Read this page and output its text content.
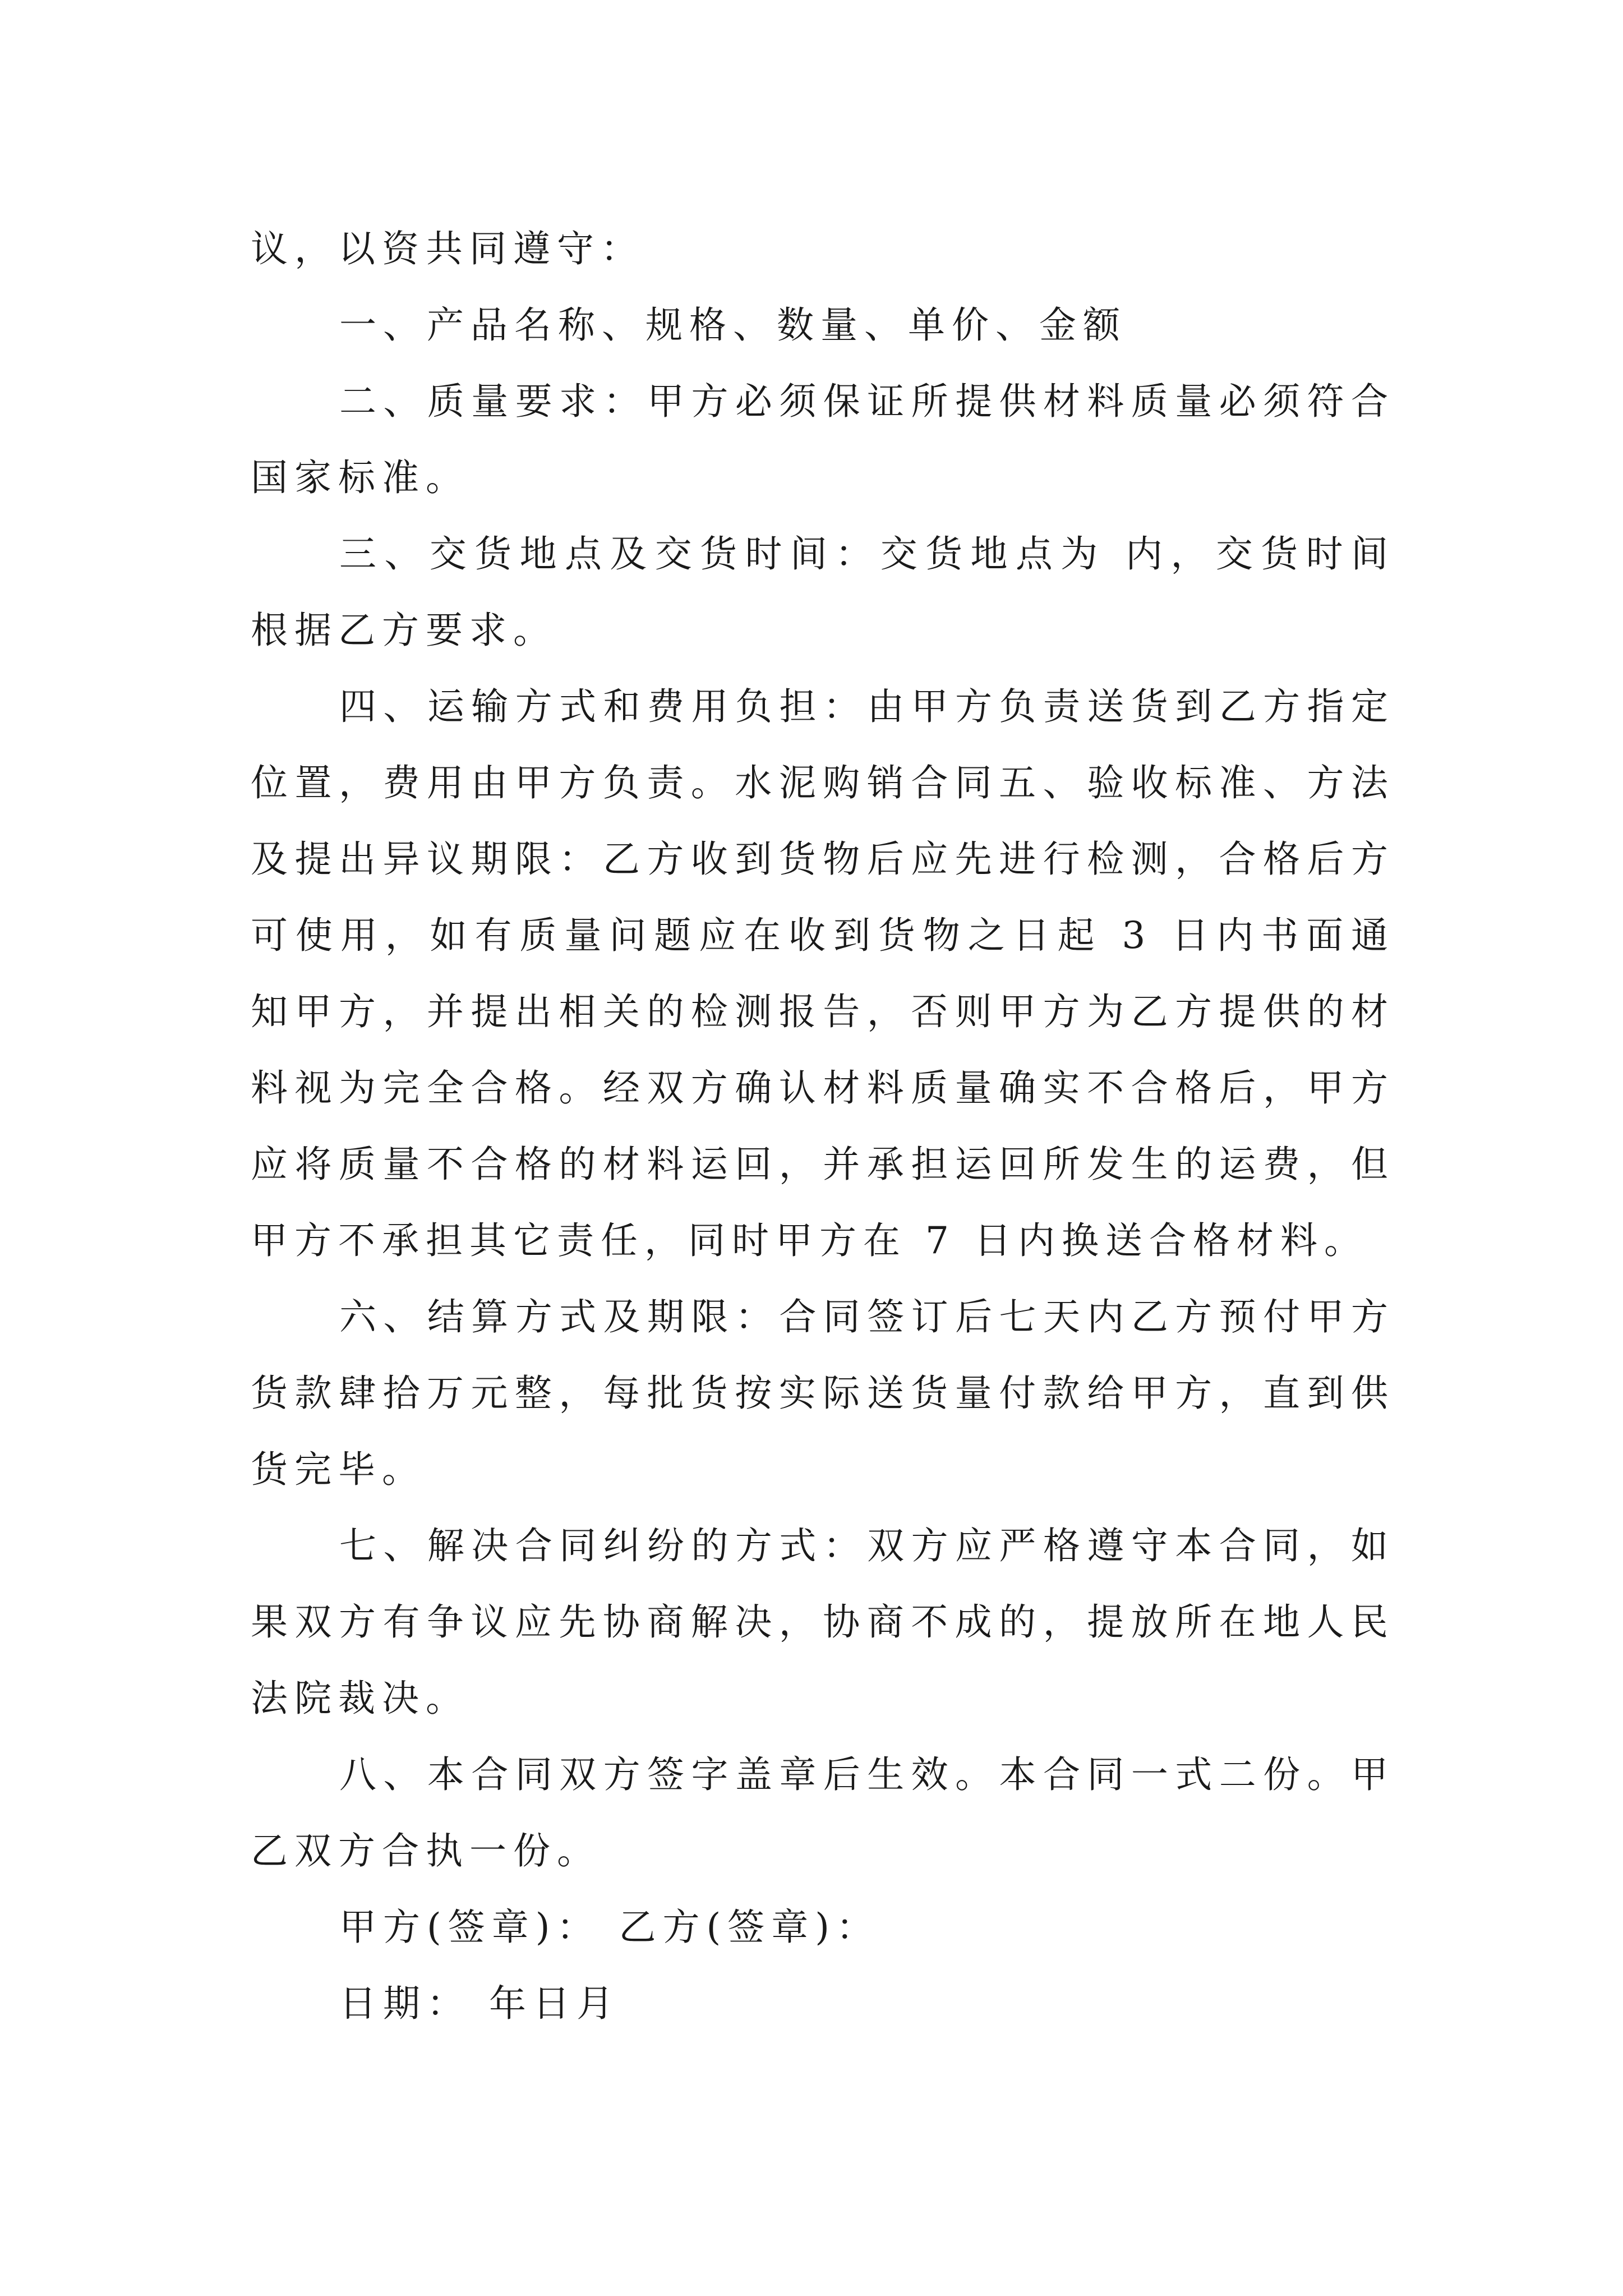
议，以资共同遵守：

一、产品名称、规格、数量、单价、金额

二、质量要求：甲方必须保证所提供材料质量必须符合国家标准。

三、交货地点及交货时间：交货地点为 内，交货时间根据乙方要求。

四、运输方式和费用负担：由甲方负责送货到乙方指定位置，费用由甲方负责。水泥购销合同五、验收标准、方法及提出异议期限：乙方收到货物后应先进行检测，合格后方可使用，如有质量问题应在收到货物之日起 3 日内书面通知甲方，并提出相关的检测报告，否则甲方为乙方提供的材料视为完全合格。经双方确认材料质量确实不合格后，甲方应将质量不合格的材料运回，并承担运回所发生的运费，但甲方不承担其它责任，同时甲方在 7 日内换送合格材料。

六、结算方式及期限：合同签订后七天内乙方预付甲方货款肆拾万元整，每批货按实际送货量付款给甲方，直到供货完毕。

七、解决合同纠纷的方式：双方应严格遵守本合同，如果双方有争议应先协商解决，协商不成的，提放所在地人民法院裁决。

八、本合同双方签字盖章后生效。本合同一式二份。甲乙双方合执一份。

甲方(签章)： 乙方(签章)：

日期： 年日月
